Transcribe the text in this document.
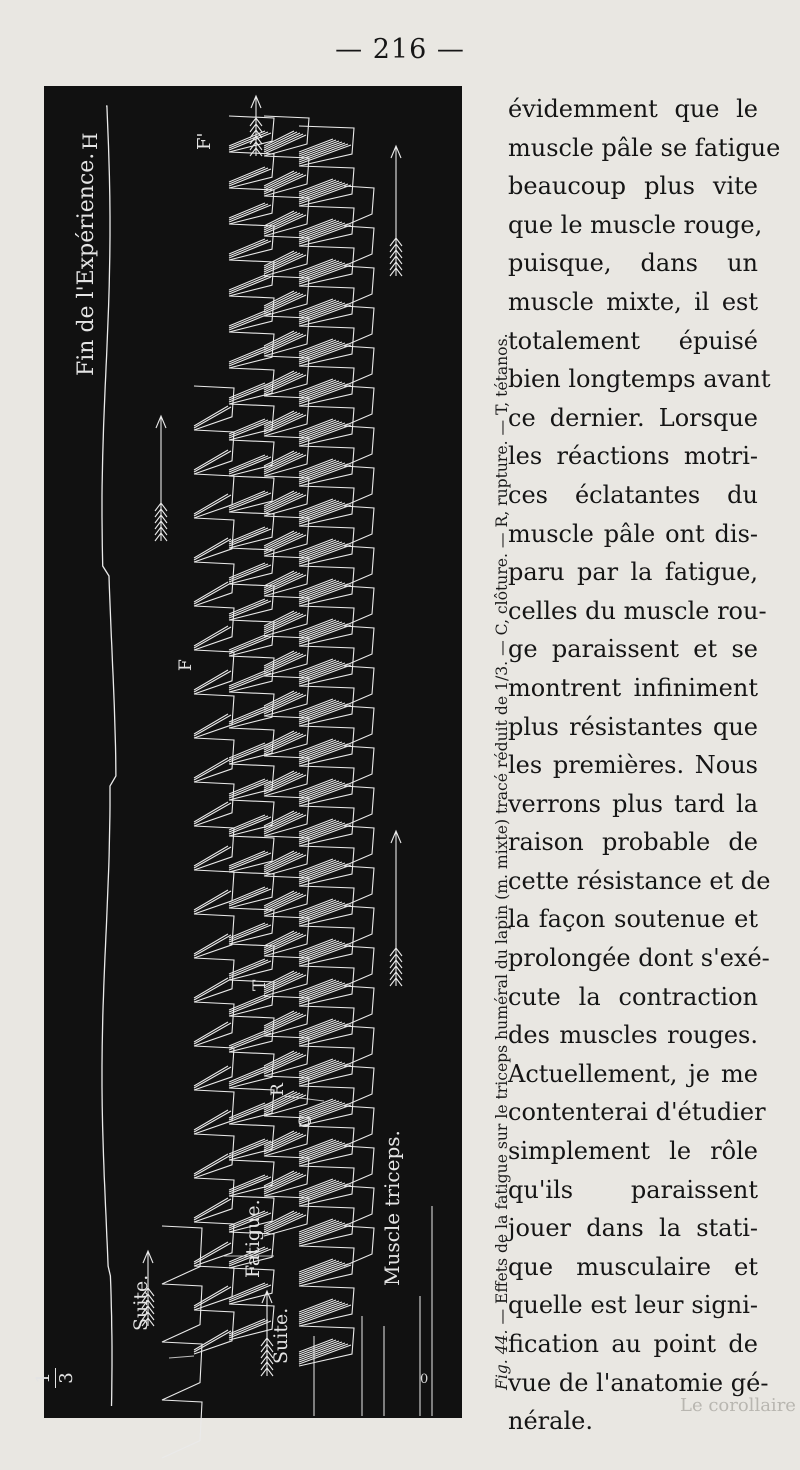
— 216 —
Fin de l'Expérience.
H	F'
F
T
R
C
Suite.
Suite.
Fatigue.	Muscle triceps.
1 3	0	Fig. 44. — Effets de la fatigue sur le triceps huméral du lapin (m. mixte) tracé réduit de 1/3. — C, clôture. — R, rupture. — T, tétanos.
évidemment que le
muscle pâle se fatigue
beaucoup plus vite
que le muscle rouge,
puisque, dans un
muscle mixte, il est
totalement épuisé
bien longtemps avant
ce dernier. Lorsque
les réactions motri-
ces éclatantes du
muscle pâle ont dis-
paru par la fatigue,
celles du muscle rou-
ge paraissent et se
montrent infiniment
plus résistantes que
les premières. Nous
verrons plus tard la
raison probable de
cette résistance et de
la façon soutenue et
prolongée dont s'exé-
cute la contraction
des muscles rouges.
Actuellement, je me
contenterai d'étudier
simplement le rôle
qu'ils paraissent
jouer dans la stati-
que musculaire et
quelle est leur signi-
fication au point de
vue de l'anatomie gé-
nérale.
Le corollaire
